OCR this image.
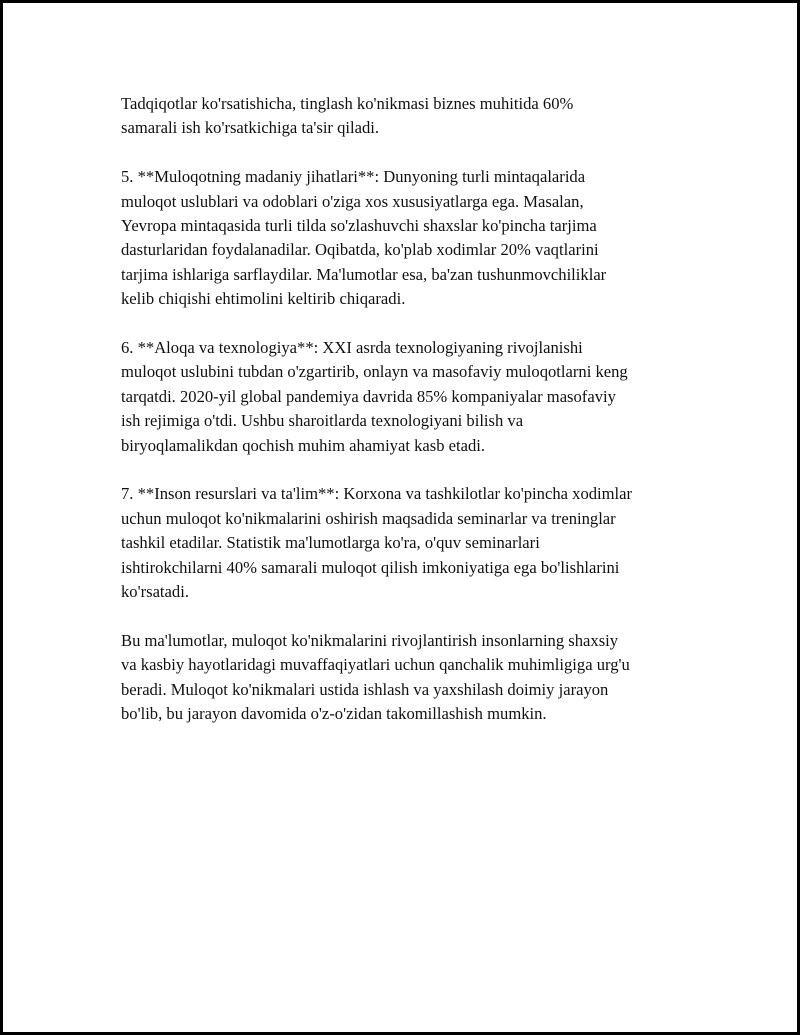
Tadqiqotlar ko'rsatishicha, tinglash ko'nikmasi biznes muhitida 60%
samarali ish ko'rsatkichiga ta'sir qiladi.

5. **Muloqotning madaniy jihatlari**: Dunyoning turli mintaqalarida
muloqot uslublari va odoblari o'ziga xos xususiyatlarga ega. Masalan,
Yevropa mintaqasida turli tilda so'zlashuvchi shaxslar ko'pincha tarjima
dasturlaridan foydalanadilar. Oqibatda, ko'plab xodimlar 20% vaqtlarini
tarjima ishlariga sarflaydilar. Ma'lumotlar esa, ba'zan tushunmovchiliklar
kelib chiqishi ehtimolini keltirib chiqaradi.

6. **Aloqa va texnologiya**: XXI asrda texnologiyaning rivojlanishi
muloqot uslubini tubdan o'zgartirib, onlayn va masofaviy muloqotlarni keng
tarqatdi. 2020-yil global pandemiya davrida 85% kompaniyalar masofaviy
ish rejimiga o'tdi. Ushbu sharoitlarda texnologiyani bilish va
biryoqlamalikdan qochish muhim ahamiyat kasb etadi.

7. **Inson resurslari va ta'lim**: Korxona va tashkilotlar ko'pincha xodimlar
uchun muloqot ko'nikmalarini oshirish maqsadida seminarlar va treninglar
tashkil etadilar. Statistik ma'lumotlarga ko'ra, o'quv seminarlari
ishtirokchilarni 40% samarali muloqot qilish imkoniyatiga ega bo'lishlarini
ko'rsatadi.

Bu ma'lumotlar, muloqot ko'nikmalarini rivojlantirish insonlarning shaxsiy
va kasbiy hayotlaridagi muvaffaqiyatlari uchun qanchalik muhimligiga urg'u
beradi. Muloqot ko'nikmalari ustida ishlash va yaxshilash doimiy jarayon
bo'lib, bu jarayon davomida o'z-o'zidan takomillashish mumkin.
